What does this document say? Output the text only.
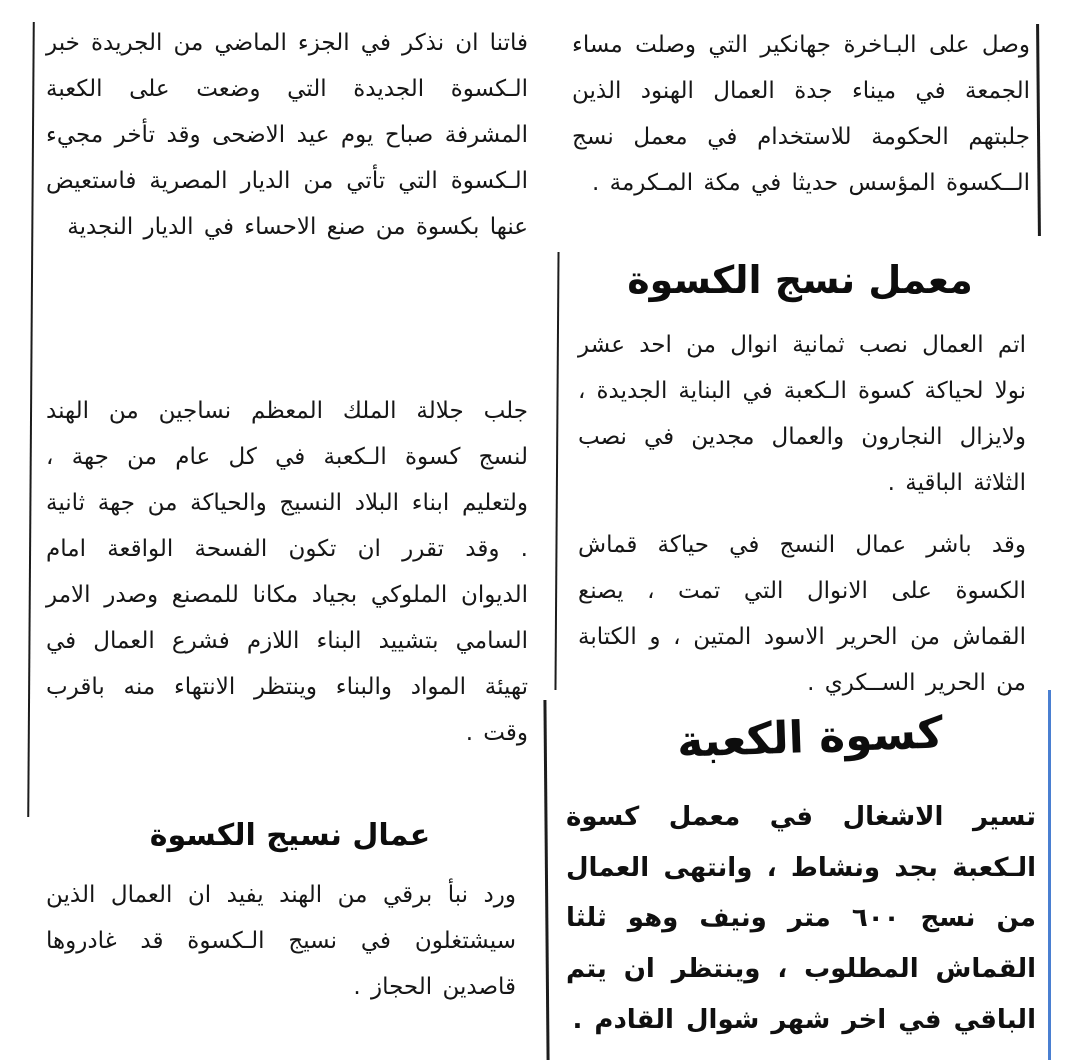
فاتنا ان نذكر في الجزء الماضي من الجريدة خبر الـكسوة الجديدة التي وضعت على الكعبة المشرفة صباح يوم عيد الاضحى وقد تأخر مجيء الـكسوة التي تأتي من الديار المصرية فاستعيض عنها بكسوة من صنع الاحساء في الديار النجدية
جلب جلالة الملك المعظم نساجين من الهند لنسج كسوة الـكعبة في كل عام من جهة ، ولتعليم ابناء البلاد النسيج والحياكة من جهة ثانية . وقد تقرر ان تكون الفسحة الواقعة امام الديوان الملوكي بجياد مكانا للمصنع وصدر الامر السامي بتشييد البناء اللازم فشرع العمال في تهيئة المواد والبناء وينتظر الانتهاء منه باقرب وقت .
عمال نسيج الكسوة
ورد نبأ برقي من الهند يفيد ان العمال الذين سيشتغلون في نسيج الـكسوة قد غادروها قاصدين الحجاز .
وصل على البـاخرة جهانكير التي وصلت مساء الجمعة في ميناء جدة العمال الهنود الذين جلبتهم الحكومة للاستخدام في معمل نسج الــكسوة المؤسس حديثا في مكة المـكرمة .
معمل نسج الكسوة
اتم العمال نصب ثمانية انوال من احد عشر نولا لحياكة كسوة الـكعبة في البناية الجديدة ، ولايزال النجارون والعمال مجدين في نصب الثلاثة الباقية .
وقد باشر عمال النسج في حياكة قماش الكسوة على الانوال التي تمت ، يصنع القماش من الحرير الاسود المتين ، و الكتابة من الحرير الســكري .
كسوة الكعبة
تسير الاشغال في معمل كسوة الـكعبة بجد ونشاط ، وانتهى العمال من نسج ٦٠٠ متر ونيف وهو ثلثا القماش المطلوب ، وينتظر ان يتم الباقي في اخر شهر شوال القادم .
